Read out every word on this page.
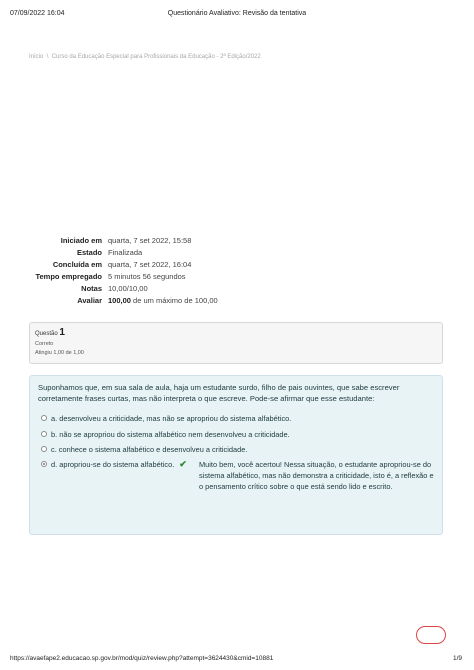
07/09/2022 16:04	Questionário Avaliativo: Revisão da tentativa
Início \ Curso da Educação Especial para Profissionais da Educação - 2ª Edição/2022
Iniciado em quarta, 7 set 2022, 15:58
Estado Finalizada
Concluída em quarta, 7 set 2022, 16:04
Tempo empregado 5 minutos 56 segundos
Notas 10,00/10,00
Avaliar 100,00 de um máximo de 100,00
Questão 1
Correto
Atingiu 1,00 de 1,00
Suponhamos que, em sua sala de aula, haja um estudante surdo, filho de pais ouvintes, que sabe escrever corretamente frases curtas, mas não interpreta o que escreve. Pode-se afirmar que esse estudante:
a. desenvolveu a criticidade, mas não se apropriou do sistema alfabético.
b. não se apropriou do sistema alfabético nem desenvolveu a criticidade.
c. conhece o sistema alfabético e desenvolveu a criticidade.
d. apropriou-se do sistema alfabético. ✔ Muito bem, você acertou! Nessa situação, o estudante apropriou-se do sistema alfabético, mas não demonstra a criticidade, isto é, a reflexão e o pensamento crítico sobre o que está sendo lido e escrito.
https://avaefape2.educacao.sp.gov.br/mod/quiz/review.php?attempt=3624430&cmid=10881	1/9
